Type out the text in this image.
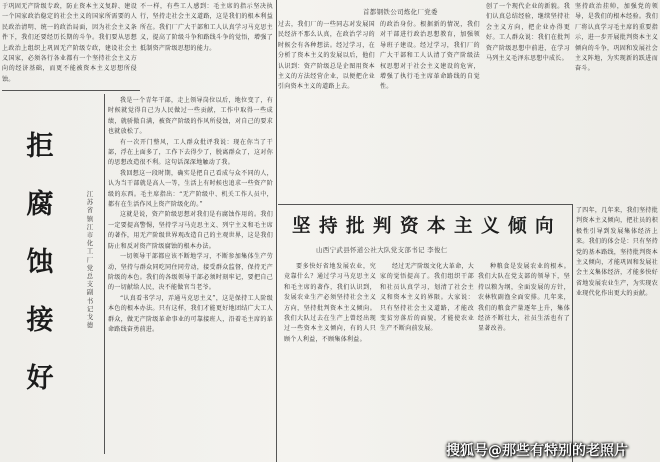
于巩固无产阶级专政，防止资本主义复辟、建设一个国家政治稳定的社会主义的国家所需要的人民政治清明、统一的政治局面，因为社会主义条件下，我们还要经历长期的斗争。我们要从思想上政治上组织上巩固无产阶级专政，建设社会主义国家，必须各行各业都有一个坚持社会主义方向的经济基础，而更不能被资本主义思想所侵蚀。

拒
腐
蚀
接
好
江苏省镇江市化工厂党总支副书记 戈德

我是一个青年干部，走上领导岗位以后，地位变了，有时候就觉得自己为人民做过一些贡献，工作中取得一些成绩，就骄傲自满，被资产阶级的作风所侵蚀，对自己的要求也就放松了。

有一次开门整风，工人群众批评我说：现在你当了干部，浮在上面多了，工作下去得少了，脱离群众了，这对你的思想改造很不利。这句话深深地触动了我。

我回想这一段时期，确实是把自己看成与众不同的人，认为当干部就是高人一等，生活上有时候也追求一些资产阶级的东西。毛主席指出：“无产阶级中、机关工作人员中，都有在生活作风上资产阶级化的。”

这就是说，资产阶级思想对我们是有腐蚀作用的。我们一定要提高警惕，坚持学习马克思主义、列宁主义和毛主席的著作，用无产阶级世界观改造自己的主观世界，这是我们防止和反对资产阶级腐蚀的根本办法。

一切领导干部都应该不断地学习，不断参加集体生产劳动，坚持与群众同吃同住同劳动，接受群众监督，保持无产阶级的本色。我们的各级领导干部必须时刻牢记，要把自己的一切献给人民，决不能做官当老爷。

“认真看书学习，弄通马克思主义”，这是保持工人阶级本色的根本办法。只有这样，我们才能更好地团结广大工人群众，做无产阶级革命事业的可靠接班人，沿着毛主席的革命路线奋勇前进。

不一样，有些工人感到：毛主席的指示坚决执行，坚持走社会主义道路，这是我们的根本利益所在。我们厂广大干部和工人认真学习马克思主义，提高了阶级斗争和路线斗争的觉悟，增强了抵制资产阶级思想的能力。

首都钢铁公司炼化厂党委

过去，我们厂的一些同志对发展国民经济不那么认真，在政治学习的时候会有各种想法。经过学习，在分析了资本主义的发展以后，他们认识到：资产阶级总是企图用资本主义的方法经营企业，以便把企业引向资本主义的道路上去。

的政治身份。根据新的情况，我们对干部进行政治思想教育，加强领导班子建设。经过学习，我们厂的广大干部和工人认清了资产阶级法权思想对于社会主义建设的危害，增强了执行毛主席革命路线的自觉性。

创了一个现代企业的新貌。我们认真总结经验，继续坚持社会主义方向，把企业办得更好。工人群众说：我们在批判资产阶级思想中前进，在学习马列主义毛泽东思想中成长。

坚持政治挂帅，加强党的领导，是我们的根本经验。我们厂将认真学习毛主席的重要指示，进一步开展批判资本主义倾向的斗争，巩固和发展社会主义阵地，为实现新的跃进而奋斗。

坚持批判资本主义倾向
山西宁武县怀道公社大队党支部书记 李俊仁

要多快好省地发展农业，究竟靠什么？通过学习马克思主义和毛主席的著作，我们认识到，发展农业生产必须坚持社会主义方向，坚持批判资本主义倾向。我们大队过去在生产上曾经出现过一些资本主义倾向，有的人只顾个人利益，不顾集体利益。

经过无产阶级文化大革命，大家的觉悟提高了。我们组织干部和社员认真学习，划清了社会主义和资本主义的界限。大家说：只有坚持社会主义道路，才能改变贫穷落后的面貌，才能使农业生产不断向前发展。

种粮食是发展农业的根本。我们大队在党支部的领导下，坚持以粮为纲，全面发展的方针，农林牧副渔全面安排。几年来，我们的粮食产量逐年上升，集体经济不断壮大，社员生活也有了显著改善。

了四年，几年来，我们坚持批判资本主义倾向，把社员的积极性引导到发展集体经济上来。我们的体会是：只有坚持党的基本路线，坚持批判资本主义倾向，才能巩固和发展社会主义集体经济，才能多快好省地发展农业生产，为实现农业现代化作出更大的贡献。

搜狐号@那些有特别的老照片
